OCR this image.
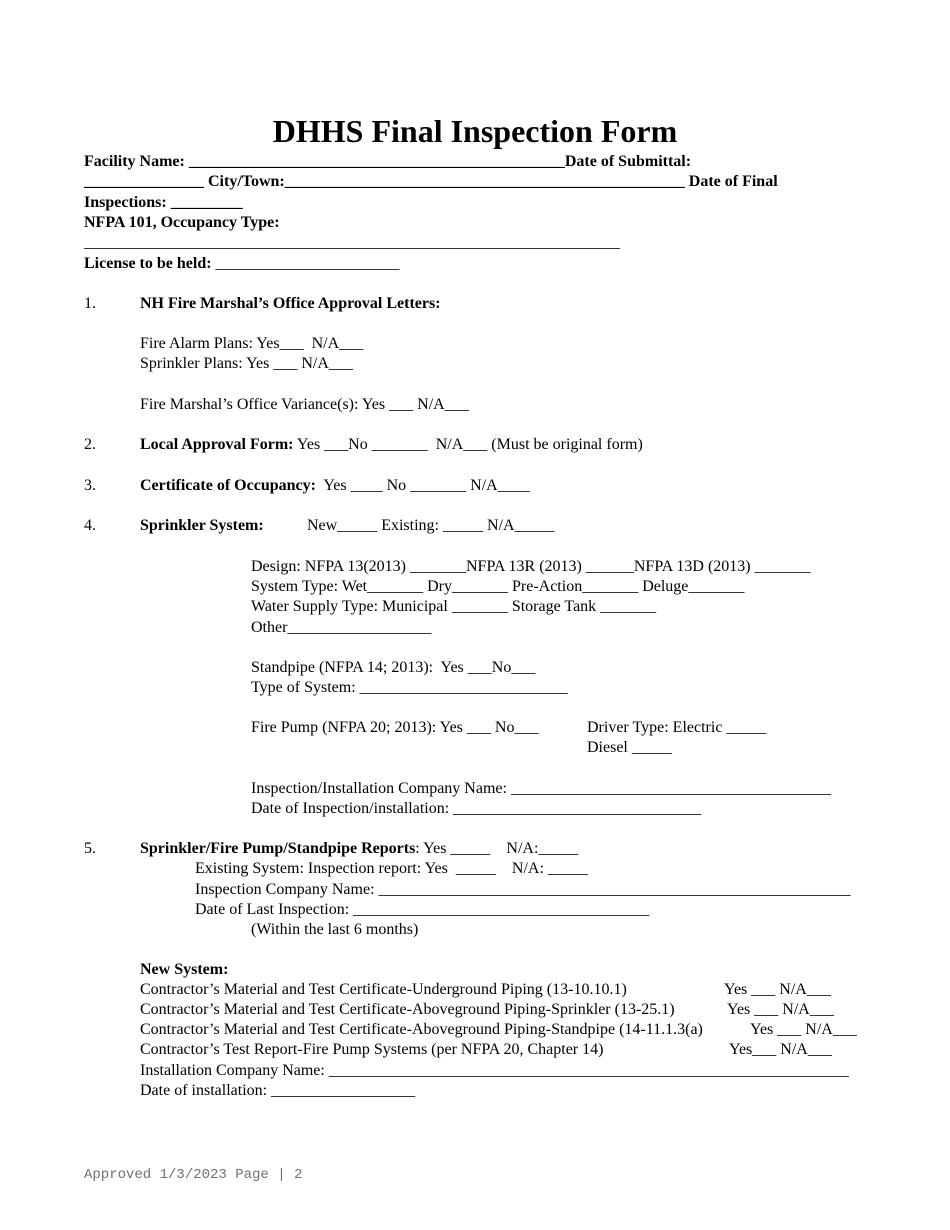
DHHS Final Inspection Form
Facility Name: _______________________________________________Date of Submittal:
_______________ City/Town:__________________________________________________ Date of Final
Inspections: _________
NFPA 101, Occupancy Type:
___________________________________________________________________
License to be held: _______________________
1.	NH Fire Marshal’s Office Approval Letters:
Fire Alarm Plans: Yes___  N/A___
Sprinkler Plans: Yes ___ N/A___
Fire Marshal’s Office Variance(s): Yes ___ N/A___
2.	Local Approval Form: Yes ___No _______  N/A___ (Must be original form)
3.	Certificate of Occupancy:  Yes ____ No _______ N/A____
4.	Sprinkler System:	New_____ Existing: _____ N/A_____
Design: NFPA 13(2013) _______NFPA 13R (2013) ______NFPA 13D (2013) _______
System Type: Wet_______ Dry_______ Pre-Action_______ Deluge_______
Water Supply Type: Municipal _______ Storage Tank _______
Other__________________
Standpipe (NFPA 14; 2013):  Yes ___No___
Type of System: __________________________
Fire Pump (NFPA 20; 2013): Yes ___ No___	Driver Type: Electric _____
Diesel _____
Inspection/Installation Company Name: ________________________________________
Date of Inspection/installation: _______________________________
5.	Sprinkler/Fire Pump/Standpipe Reports: Yes _____    N/A:_____
Existing System: Inspection report: Yes  _____    N/A: _____
Inspection Company Name: ___________________________________________________________
Date of Last Inspection: _____________________________________
(Within the last 6 months)
New System:
Contractor’s Material and Test Certificate-Underground Piping (13-10.10.1)	Yes ___ N/A___
Contractor’s Material and Test Certificate-Aboveground Piping-Sprinkler (13-25.1)	Yes ___ N/A___
Contractor’s Material and Test Certificate-Aboveground Piping-Standpipe (14-11.1.3(a)	Yes ___ N/A___
Contractor’s Test Report-Fire Pump Systems (per NFPA 20, Chapter 14)	Yes___ N/A___
Installation Company Name: _________________________________________________________________
Date of installation: __________________
Approved 1/3/2023 Page | 2
